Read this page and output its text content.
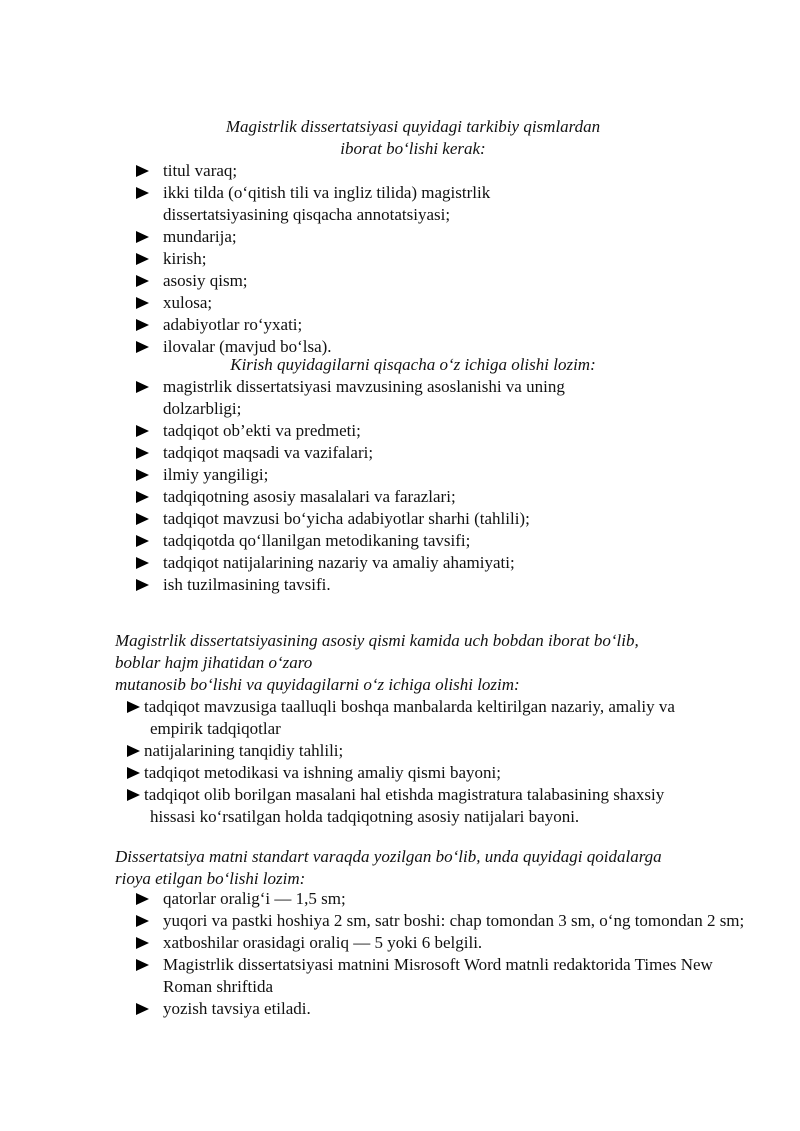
Magistrlik dissertatsiyasi quyidagi tarkibiy qismlardan
iborat bo‘lishi kerak:
titul varaq;
ikki tilda (o‘qitish tili va ingliz tilida) magistrlik dissertatsiyasining qisqacha annotatsiyasi;
mundarija;
kirish;
asosiy qism;
xulosa;
adabiyotlar ro‘yxati;
ilovalar (mavjud bo‘lsa).
Kirish quyidagilarni qisqacha o‘z ichiga olishi lozim:
magistrlik dissertatsiyasi mavzusining asoslanishi va uning dolzarbligi;
tadqiqot ob’ekti va predmeti;
tadqiqot maqsadi va vazifalari;
ilmiy yangiligi;
tadqiqotning asosiy masalalari va farazlari;
tadqiqot mavzusi bo‘yicha adabiyotlar sharhi (tahlili);
tadqiqotda qo‘llanilgan metodikaning tavsifi;
tadqiqot natijalarining nazariy va amaliy ahamiyati;
ish tuzilmasining tavsifi.
Magistrlik dissertatsiyasining asosiy qismi kamida uch bobdan iborat bo‘lib,
boblar hajm jihatidan o‘zaro
mutanosib bo‘lishi va quyidagilarni o‘z ichiga olishi lozim:
tadqiqot mavzusiga taalluqli boshqa manbalarda keltirilgan nazariy, amaliy va
empirik tadqiqotlar
natijalarining tanqidiy tahlili;
tadqiqot metodikasi va ishning amaliy qismi bayoni;
tadqiqot olib borilgan masalani hal etishda magistratura talabasining shaxsiy
hissasi ko‘rsatilgan holda tadqiqotning asosiy natijalari bayoni.
Dissertatsiya matni standart varaqda yozilgan bo‘lib, unda quyidagi qoidalarga
rioya etilgan bo‘lishi lozim:
qatorlar oralig‘i — 1,5 sm;
yuqori va pastki hoshiya 2 sm, satr boshi: chap tomondan 3 sm, o‘ng tomondan 2 sm;
xatboshilar orasidagi oraliq — 5 yoki 6 belgili.
Magistrlik dissertatsiyasi matnini Misrosoft Word matnli redaktorida Times New Roman shriftida
yozish tavsiya etiladi.
